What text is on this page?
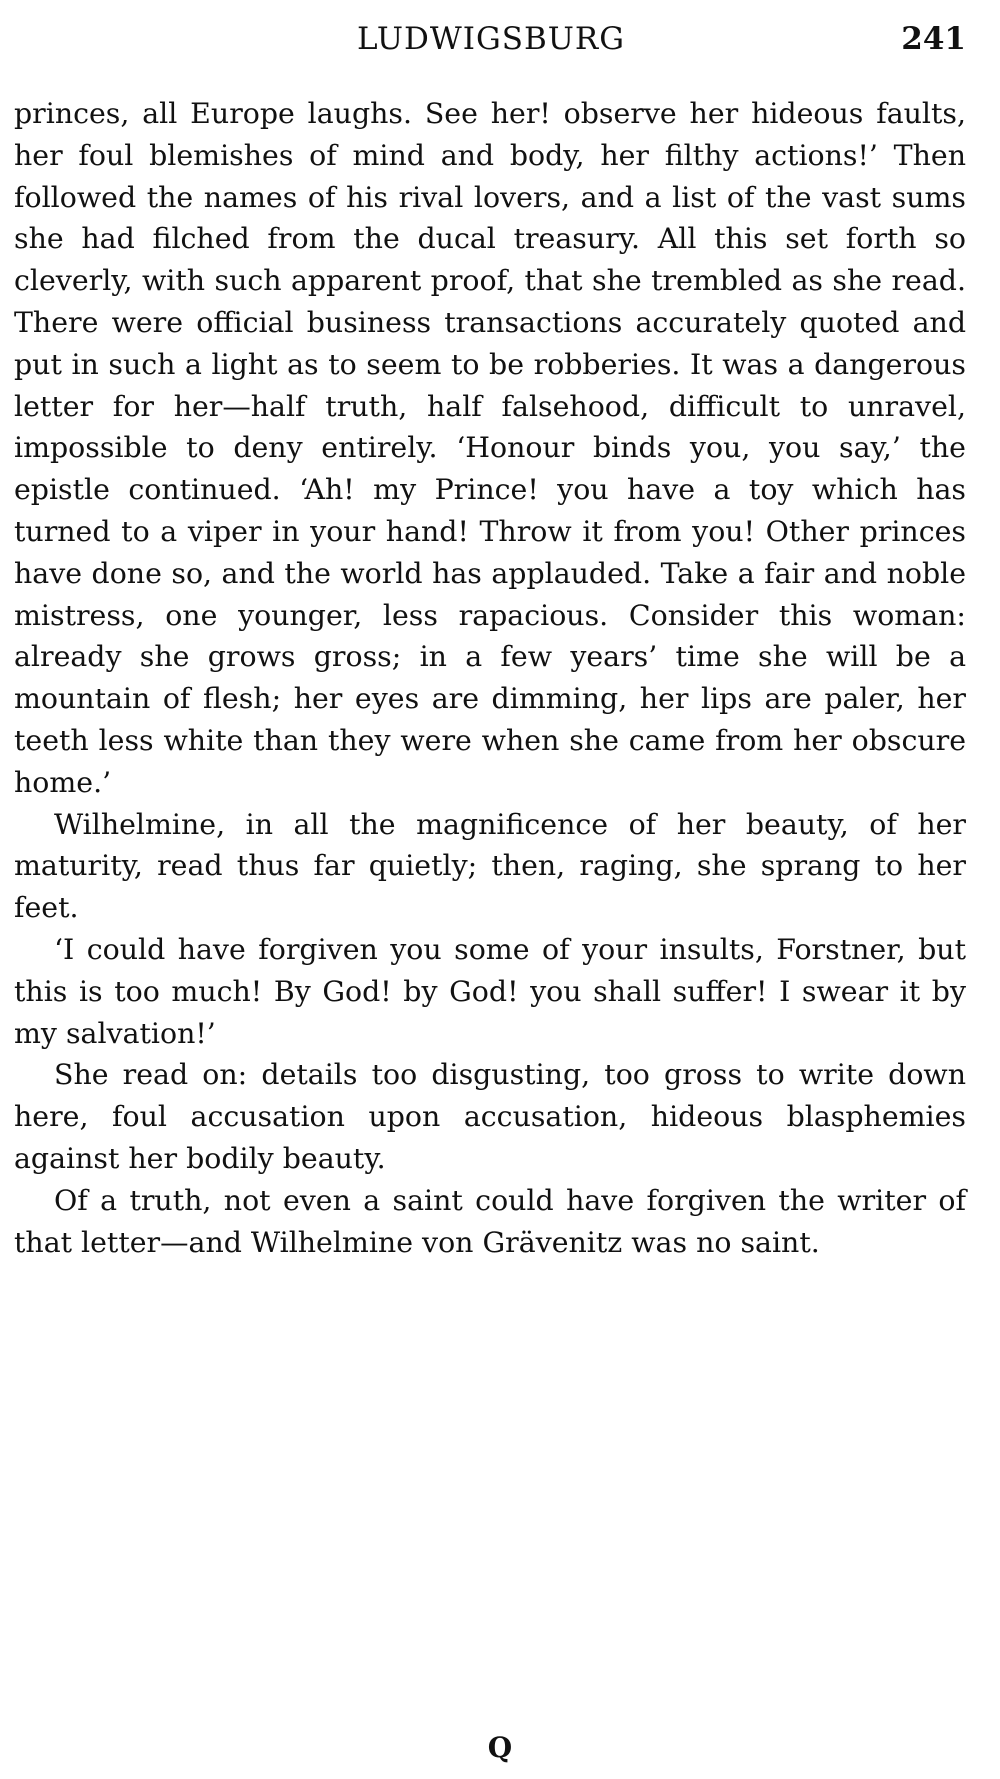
LUDWIGSBURG	241

princes, all Europe laughs. See her! observe her hideous faults, her foul blemishes of mind and body, her filthy actions!’ Then followed the names of his rival lovers, and a list of the vast sums she had filched from the ducal treasury. All this set forth so cleverly, with such apparent proof, that she trembled as she read. There were official business transactions accurately quoted and put in such a light as to seem to be robberies. It was a dangerous letter for her—half truth, half falsehood, difficult to unravel, impossible to deny entirely. ‘Honour binds you, you say,’ the epistle continued. ‘Ah! my Prince! you have a toy which has turned to a viper in your hand! Throw it from you! Other princes have done so, and the world has applauded. Take a fair and noble mistress, one younger, less rapacious. Consider this woman: already she grows gross; in a few years’ time she will be a mountain of flesh; her eyes are dimming, her lips are paler, her teeth less white than they were when she came from her obscure home.’

Wilhelmine, in all the magnificence of her beauty, of her maturity, read thus far quietly; then, raging, she sprang to her feet.

‘I could have forgiven you some of your insults, Forstner, but this is too much! By God! by God! you shall suffer! I swear it by my salvation!’

She read on: details too disgusting, too gross to write down here, foul accusation upon accusation, hideous blasphemies against her bodily beauty.

Of a truth, not even a saint could have forgiven the writer of that letter—and Wilhelmine von Grävenitz was no saint.

Q
